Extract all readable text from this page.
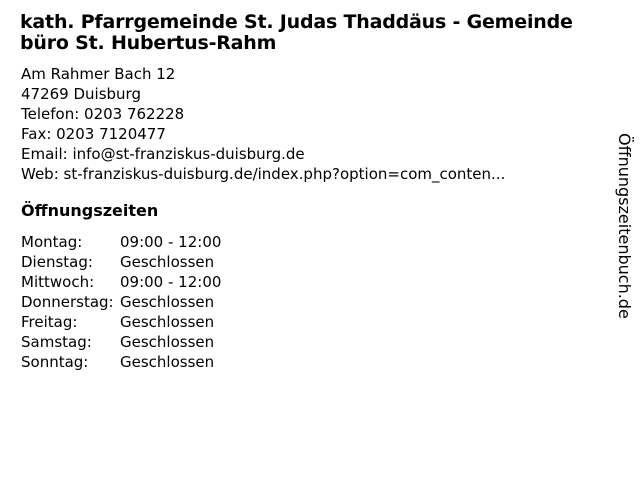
kath. Pfarrgemeinde St. Judas Thaddäus - Gemeinde
büro St. Hubertus-Rahm
Am Rahmer Bach 12
47269 Duisburg
Telefon: 0203 762228
Fax: 0203 7120477
Email: info@st-franziskus-duisburg.de
Web: st-franziskus-duisburg.de/index.php?option=com_conten...
Öffnungszeiten
Montag:	09:00 - 12:00
Dienstag:	Geschlossen
Mittwoch:	09:00 - 12:00
Donnerstag: Geschlossen
Freitag:	Geschlossen
Samstag:	Geschlossen
Sonntag:	Geschlossen
Öffnungszeitenbuch.de
